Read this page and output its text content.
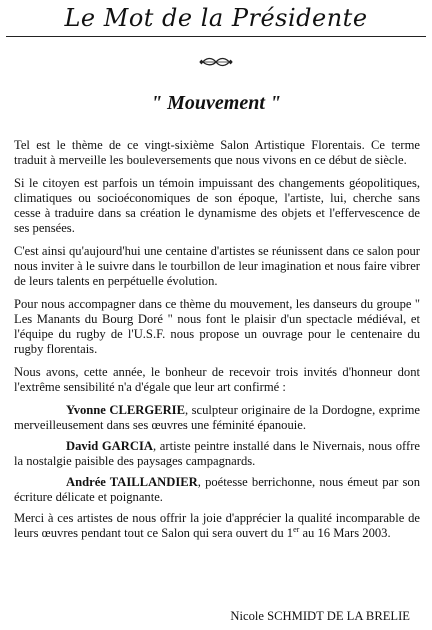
Le Mot de la Présidente
" Mouvement "

Tel est le thème de ce vingt-sixième Salon Artistique Florentais. Ce terme traduit à merveille les bouleversements que nous vivons en ce début de siècle.

Si le citoyen est parfois un témoin impuissant des changements géopolitiques, climatiques ou socioéconomiques de son époque, l'artiste, lui, cherche sans cesse à traduire dans sa création le dynamisme des objets et l'effervescence de ses pensées.

C'est ainsi qu'aujourd'hui une centaine d'artistes se réunissent dans ce salon pour nous inviter à le suivre dans le tourbillon de leur imagination et nous faire vibrer de leurs talents en perpétuelle évolution.

Pour nous accompagner dans ce thème du mouvement, les danseurs du groupe " Les Manants du Bourg Doré " nous font le plaisir d'un spectacle médiéval, et l'équipe du rugby de l'U.S.F. nous propose un ouvrage pour le centenaire du rugby florentais.

Nous avons, cette année, le bonheur de recevoir trois invités d'honneur dont l'extrême sensibilité n'a d'égale que leur art confirmé :

Yvonne CLERGERIE, sculpteur originaire de la Dordogne, exprime merveilleusement dans ses œuvres une féminité épanouie.

David GARCIA, artiste peintre installé dans le Nivernais, nous offre la nostalgie paisible des paysages campagnards.

Andrée TAILLANDIER, poétesse berrichonne, nous émeut par son écriture délicate et poignante.

Merci à ces artistes de nous offrir la joie d'apprécier la qualité incomparable de leurs œuvres pendant tout ce Salon qui sera ouvert du 1er au 16 Mars 2003.

Nicole SCHMIDT DE LA BRELIE
